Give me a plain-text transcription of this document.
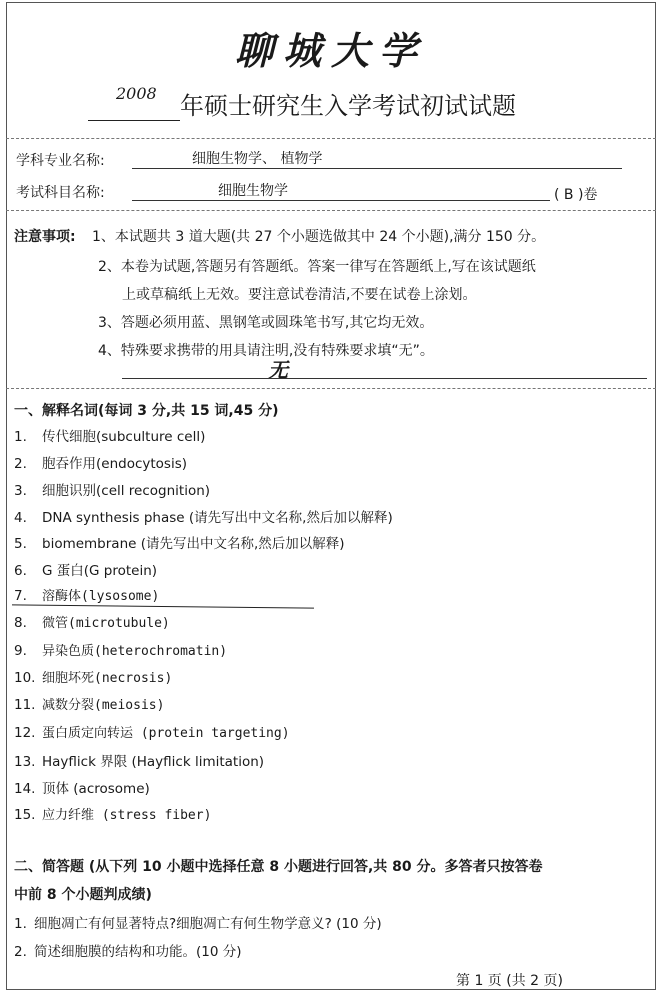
聊城大学
2008 年硕士研究生入学考试初试试题
学科专业名称:	细胞生物学、 植物学
考试科目名称:	细胞生物学	( B )卷
注意事项: 1、本试题共 3 道大题(共 27 个小题选做其中 24 个小题),满分 150 分。
2、本卷为试题,答题另有答题纸。答案一律写在答题纸上,写在该试题纸
上或草稿纸上无效。要注意试卷清洁,不要在试卷上涂划。
3、答题必须用蓝、黑钢笔或圆珠笔书写,其它均无效。
4、特殊要求携带的用具请注明,没有特殊要求填“无”。
无
一、解释名词(每词 3 分,共 15 词,45 分)
1. 传代细胞(subculture cell)
2. 胞吞作用(endocytosis)
3. 细胞识别(cell recognition)
4. DNA synthesis phase (请先写出中文名称,然后加以解释)
5. biomembrane (请先写出中文名称,然后加以解释)
6. G 蛋白(G protein)
7. 溶酶体(lysosome)
8. 微管(microtubule)
9. 异染色质(heterochromatin)
10. 细胞坏死(necrosis)
11. 减数分裂(meiosis)
12. 蛋白质定向转运 (protein targeting)
13. Hayflick 界限 (Hayflick limitation)
14. 顶体 (acrosome)
15. 应力纤维 (stress fiber)
二、简答题 (从下列 10 小题中选择任意 8 小题进行回答,共 80 分。多答者只按答卷
中前 8 个小题判成绩)
1. 细胞凋亡有何显著特点?细胞凋亡有何生物学意义? (10 分)
2. 简述细胞膜的结构和功能。(10 分)
第 1 页 (共 2 页)
